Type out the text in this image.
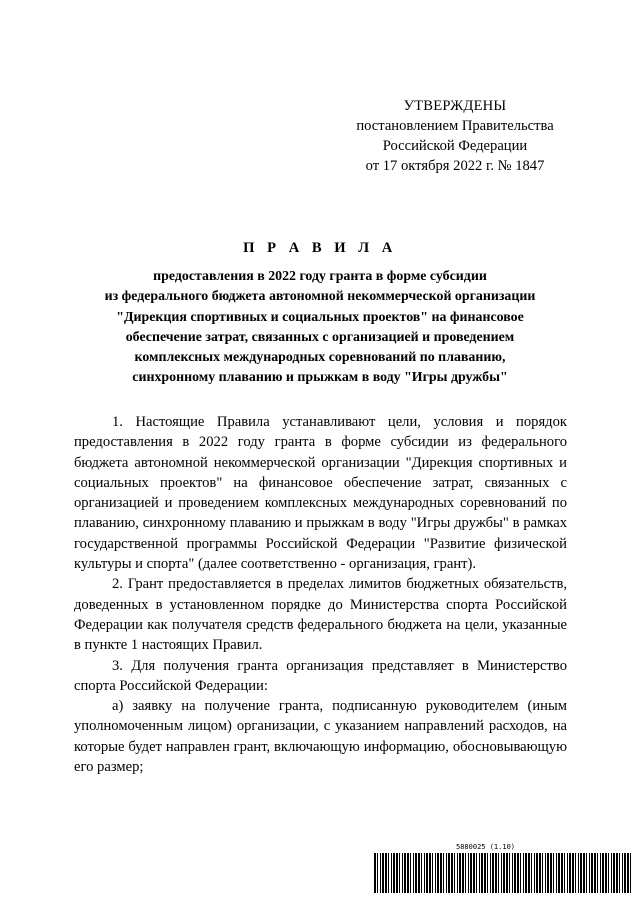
УТВЕРЖДЕНЫ
постановлением Правительства
Российской Федерации
от 17 октября 2022 г. № 1847
П Р А В И Л А
предоставления в 2022 году гранта в форме субсидии
из федерального бюджета автономной некоммерческой организации
"Дирекция спортивных и социальных проектов" на финансовое
обеспечение затрат, связанных с организацией и проведением
комплексных международных соревнований по плаванию,
синхронному плаванию и прыжкам в воду "Игры дружбы"

1. Настоящие Правила устанавливают цели, условия и порядок предоставления в 2022 году гранта в форме субсидии из федерального бюджета автономной некоммерческой организации "Дирекция спортивных и социальных проектов" на финансовое обеспечение затрат, связанных с организацией и проведением комплексных международных соревнований по плаванию, синхронному плаванию и прыжкам в воду "Игры дружбы" в рамках государственной программы Российской Федерации "Развитие физической культуры и спорта" (далее соответственно - организация, грант).

2. Грант предоставляется в пределах лимитов бюджетных обязательств, доведенных в установленном порядке до Министерства спорта Российской Федерации как получателя средств федерального бюджета на цели, указанные в пункте 1 настоящих Правил.

3. Для получения гранта организация представляет в Министерство спорта Российской Федерации:

а) заявку на получение гранта, подписанную руководителем (иным уполномоченным лицом) организации, с указанием направлений расходов, на которые будет направлен грант, включающую информацию, обосновывающую его размер;

5880025 (1.10)
